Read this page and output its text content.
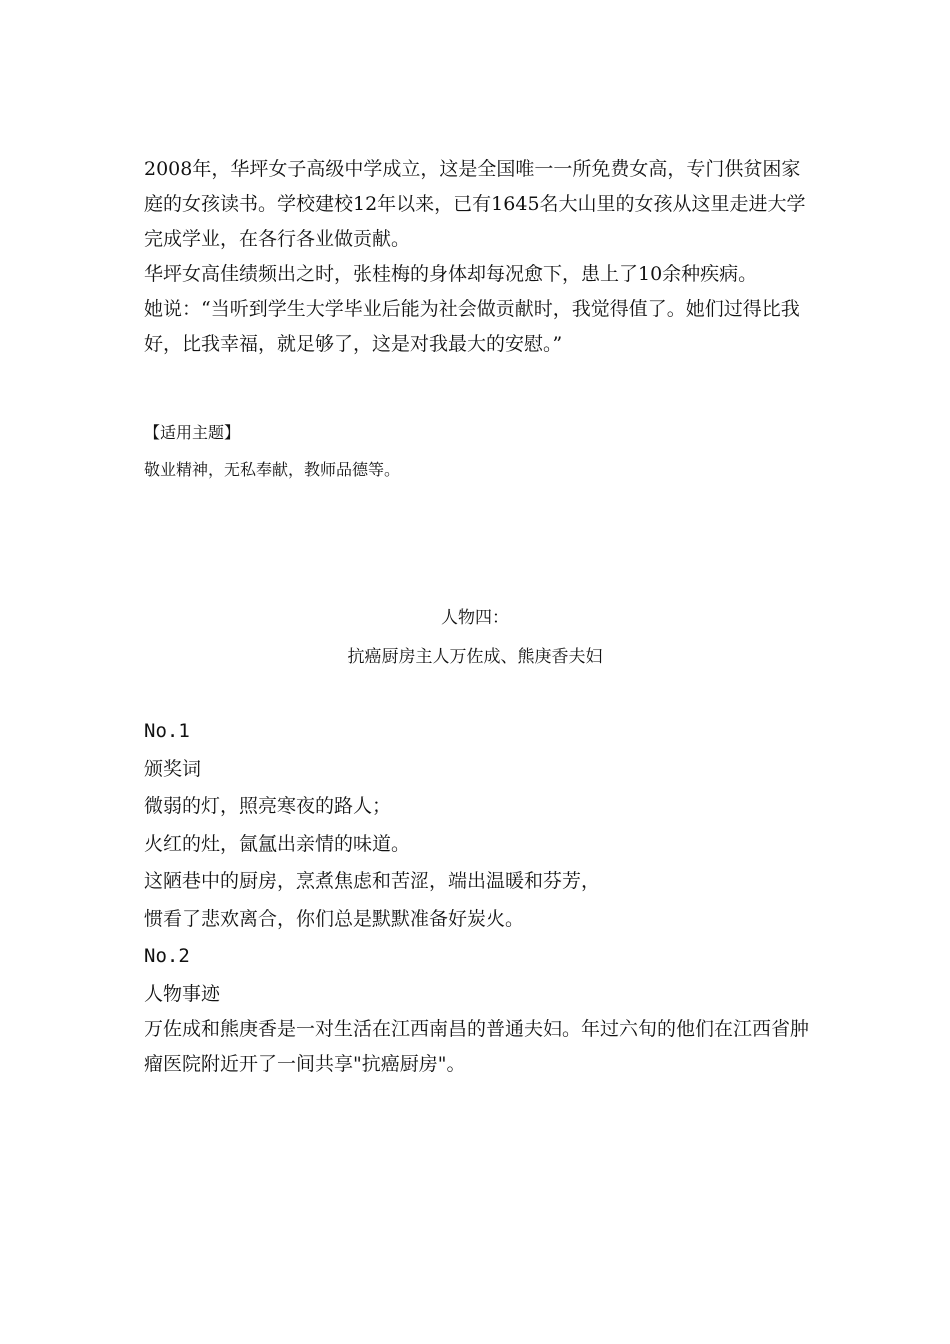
2008年，华坪女子高级中学成立，这是全国唯一一所免费女高，专门供贫困家庭的女孩读书。学校建校12年以来，已有1645名大山里的女孩从这里走进大学完成学业，在各行各业做贡献。

华坪女高佳绩频出之时，张桂梅的身体却每况愈下，患上了10余种疾病。

她说：“当听到学生大学毕业后能为社会做贡献时，我觉得值了。她们过得比我好，比我幸福，就足够了，这是对我最大的安慰。”

【适用主题】
敬业精神，无私奉献，教师品德等。
人物四：
抗癌厨房主人万佐成、熊庚香夫妇
No.1
颁奖词
微弱的灯，照亮寒夜的路人；
火红的灶，氤氲出亲情的味道。
这陋巷中的厨房，烹煮焦虑和苦涩，端出温暖和芬芳，
惯看了悲欢离合，你们总是默默准备好炭火。
No.2
人物事迹
万佐成和熊庚香是一对生活在江西南昌的普通夫妇。年过六旬的他们在江西省肿瘤医院附近开了一间共享"抗癌厨房"。
